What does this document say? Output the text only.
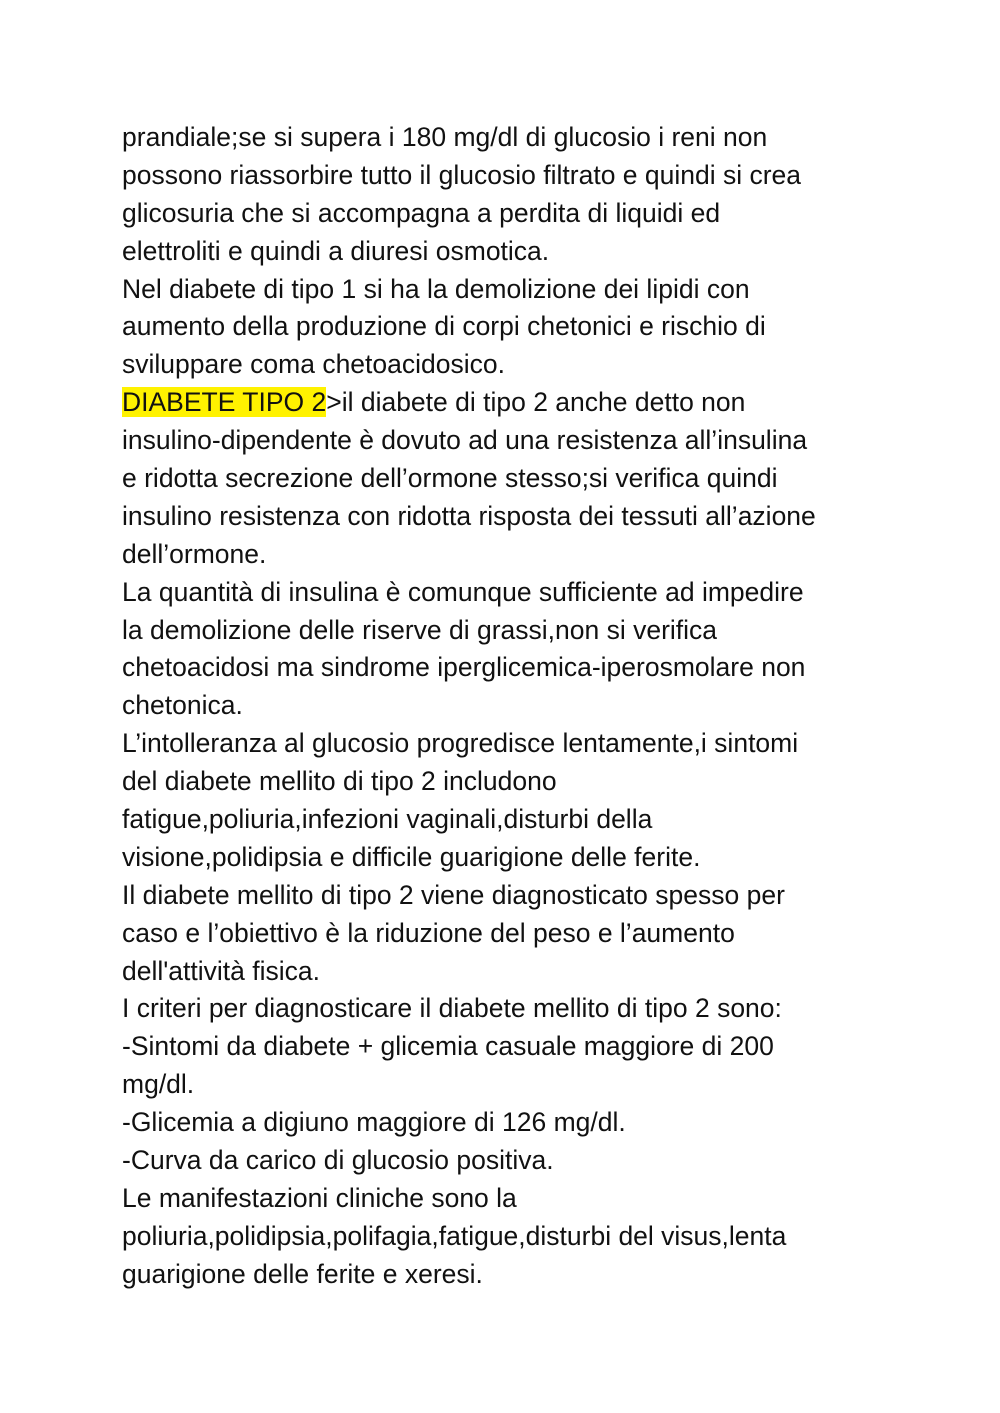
prandiale;se si supera i 180 mg/dl di glucosio i reni non
possono riassorbire tutto il glucosio filtrato e quindi si crea
glicosuria che si accompagna a perdita di liquidi ed
elettroliti e quindi a diuresi osmotica.
Nel diabete di tipo 1 si ha la demolizione dei lipidi con
aumento della produzione di corpi chetonici e rischio di
sviluppare coma chetoacidosico.
DIABETE TIPO 2>il diabete di tipo 2 anche detto non
insulino-dipendente è dovuto ad una resistenza all’insulina
e ridotta secrezione dell’ormone stesso;si verifica quindi
insulino resistenza con ridotta risposta dei tessuti all’azione
dell’ormone.
La quantità di insulina è comunque sufficiente ad impedire
la demolizione delle riserve di grassi,non si verifica
chetoacidosi ma sindrome iperglicemica-iperosmolare non
chetonica.
L’intolleranza al glucosio progredisce lentamente,i sintomi
del diabete mellito di tipo 2 includono
fatigue,poliuria,infezioni vaginali,disturbi della
visione,polidipsia e difficile guarigione delle ferite.
Il diabete mellito di tipo 2 viene diagnosticato spesso per
caso e l’obiettivo è la riduzione del peso e l’aumento
dell'attività fisica.
I criteri per diagnosticare il diabete mellito di tipo 2 sono:
-Sintomi da diabete + glicemia casuale maggiore di 200
mg/dl.
-Glicemia a digiuno maggiore di 126 mg/dl.
-Curva da carico di glucosio positiva.
Le manifestazioni cliniche sono la
poliuria,polidipsia,polifagia,fatigue,disturbi del visus,lenta
guarigione delle ferite e xeresi.
